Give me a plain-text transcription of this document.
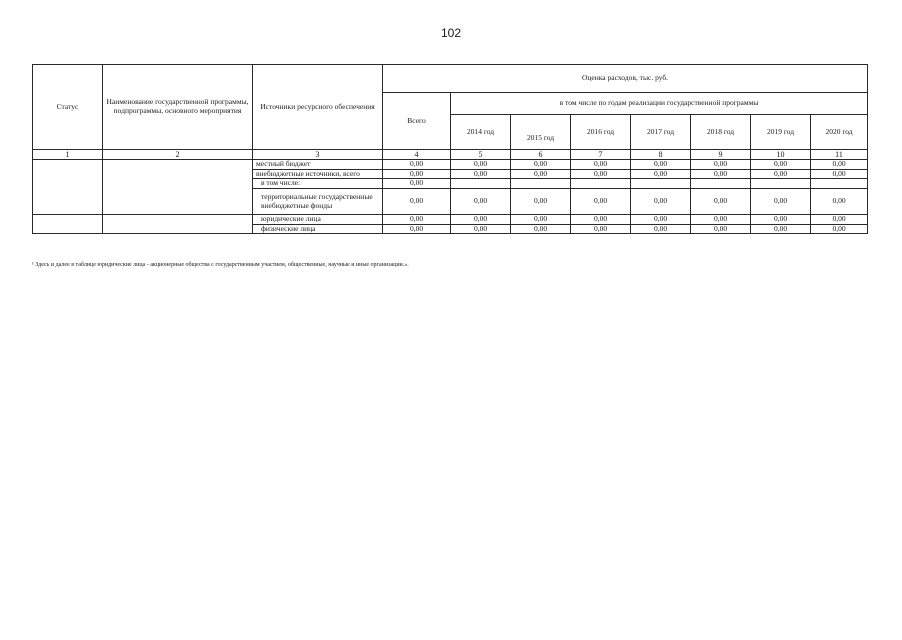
102
Статус	Наименование государственной программы, подпрограммы, основного мероприятия	Источники ресурсного обеспечения	Оценка расходов, тыс. руб.							
			Всего	в том числе по годам реализации государственной программы						
				2014 год	2015 год	2016 год	2017 год	2018 год	2019 год	2020 год
1	2	3	4	5	6	7	8	9	10	11
		местный бюджет	0,00	0,00	0,00	0,00	0,00	0,00	0,00	0,00
		внебюджетные источники, всего	0,00	0,00	0,00	0,00	0,00	0,00	0,00	0,00
		в том числе:	0,00							
		территориальные государственные внебюджетные фонды	0,00	0,00	0,00	0,00	0,00	0,00	0,00	0,00
		юридические лица	0,00	0,00	0,00	0,00	0,00	0,00	0,00	0,00
		физические лица	0,00	0,00	0,00	0,00	0,00	0,00	0,00	0,00
¹ Здесь и далее в таблице юридические лица - акционерные общества с государственным участием, общественные, научные и иные организации.».
